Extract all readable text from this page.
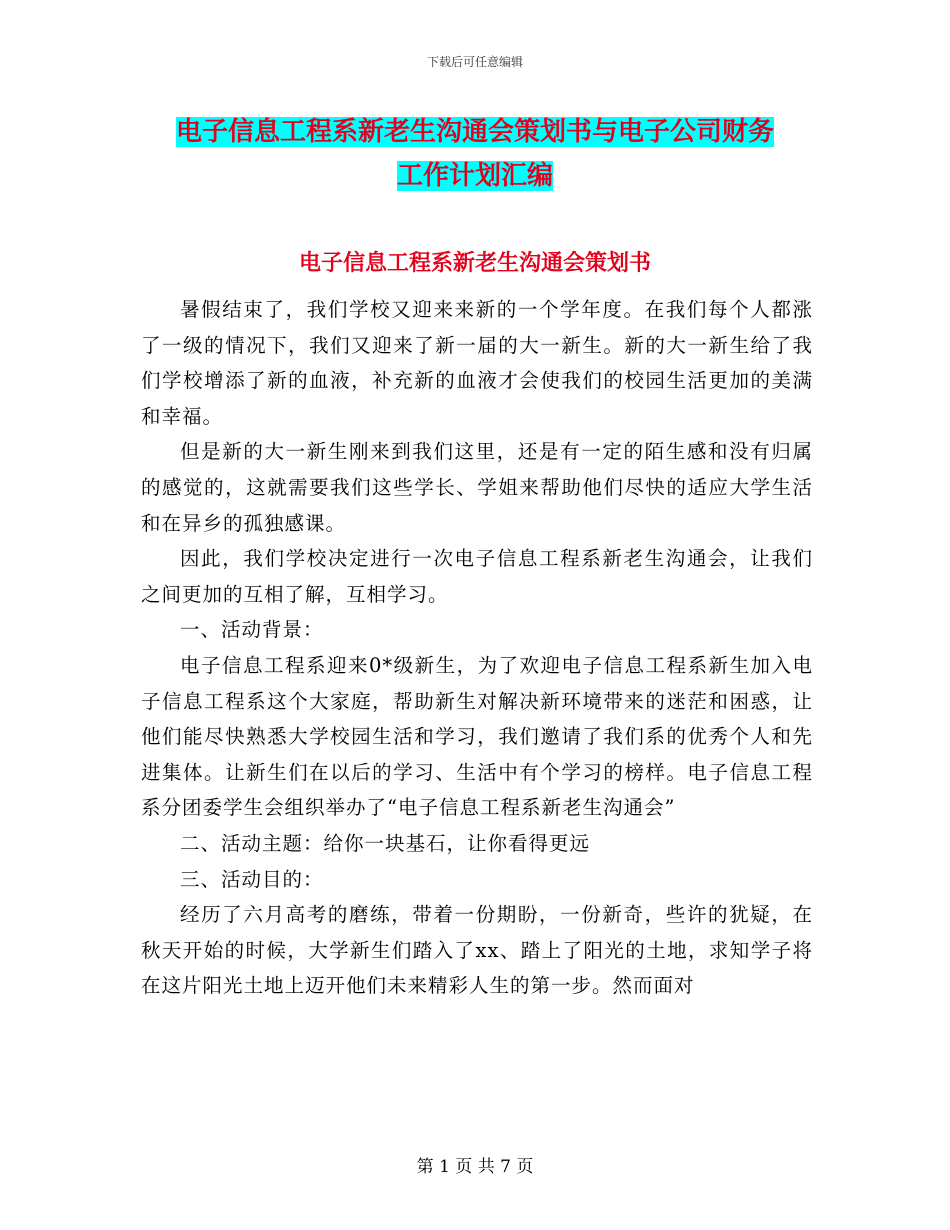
下载后可任意编辑
电子信息工程系新老生沟通会策划书与电子公司财务
工作计划汇编
电子信息工程系新老生沟通会策划书

暑假结束了，我们学校又迎来来新的一个学年度。在我们每个人都涨了一级的情况下，我们又迎来了新一届的大一新生。新的大一新生给了我们学校增添了新的血液，补充新的血液才会使我们的校园生活更加的美满和幸福。

但是新的大一新生刚来到我们这里，还是有一定的陌生感和没有归属的感觉的，这就需要我们这些学长、学姐来帮助他们尽快的适应大学生活和在异乡的孤独感课。

因此，我们学校决定进行一次电子信息工程系新老生沟通会，让我们之间更加的互相了解，互相学习。

一、活动背景：

电子信息工程系迎来0*级新生，为了欢迎电子信息工程系新生加入电子信息工程系这个大家庭，帮助新生对解决新环境带来的迷茫和困惑，让他们能尽快熟悉大学校园生活和学习，我们邀请了我们系的优秀个人和先进集体。让新生们在以后的学习、生活中有个学习的榜样。电子信息工程系分团委学生会组织举办了“电子信息工程系新老生沟通会”

二、活动主题：给你一块基石，让你看得更远

三、活动目的：

经历了六月高考的磨练，带着一份期盼，一份新奇，些许的犹疑，在秋天开始的时候，大学新生们踏入了xx、踏上了阳光的土地，求知学子将在这片阳光土地上迈开他们未来精彩人生的第一步。然而面对

第 1 页 共 7 页
